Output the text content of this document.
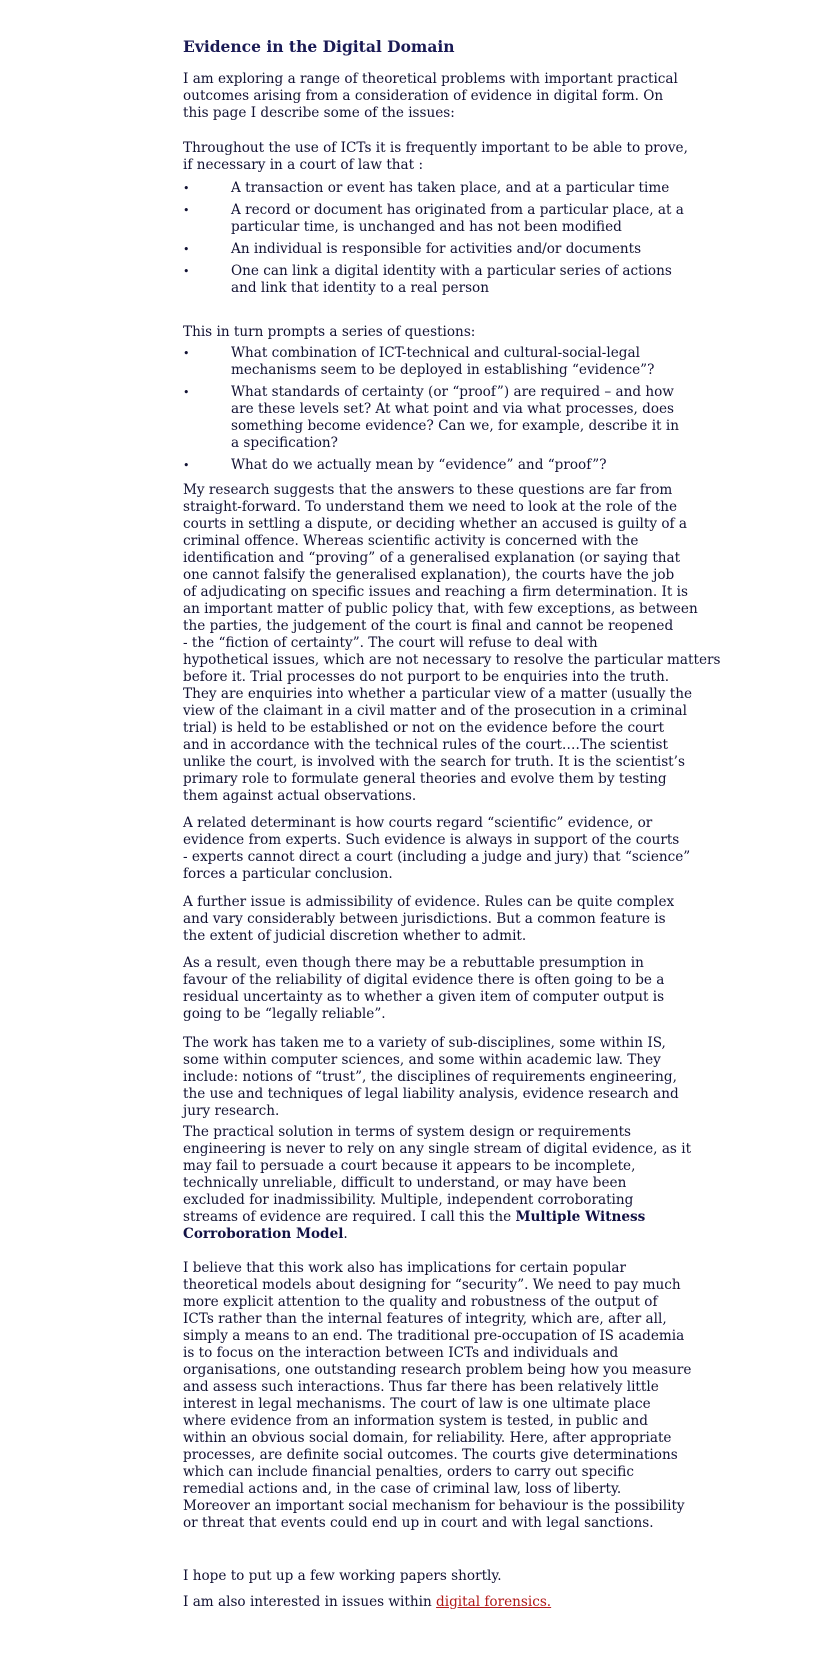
Evidence in the Digital Domain

I am exploring a range of theoretical problems with important practical

outcomes arising from a consideration of evidence in digital form. On

this page I describe some of the issues:

Throughout the use of ICTs it is frequently important to be able to prove,

if necessary in a court of law that :

•	A transaction or event has taken place, and at a particular time
•	A record or document has originated from a particular place, at a
particular time, is unchanged and has not been modified
•	An individual is responsible for activities and/or documents
•	One can link a digital identity with a particular series of actions
and link that identity to a real person

This in turn prompts a series of questions:

•	What combination of ICT-technical and cultural-social-legal
mechanisms seem to be deployed in establishing “evidence”?
•	What standards of certainty (or “proof”) are required – and how
are these levels set? At what point and via what processes, does
something become evidence? Can we, for example, describe it in
a specification?
•	What do we actually mean by “evidence” and “proof”?

My research suggests that the answers to these questions are far from

straight-forward. To understand them we need to look at the role of the

courts in settling a dispute, or deciding whether an accused is guilty of a

criminal offence. Whereas scientific activity is concerned with the

identification and “proving” of a generalised explanation (or saying that

one cannot falsify the generalised explanation), the courts have the job

of adjudicating on specific issues and reaching a firm determination. It is

an important matter of public policy that, with few exceptions, as between

the parties, the judgement of the court is final and cannot be reopened

- the “fiction of certainty”. The court will refuse to deal with

hypothetical issues, which are not necessary to resolve the particular matters

before it. Trial processes do not purport to be enquiries into the truth.

They are enquiries into whether a particular view of a matter (usually the

view of the claimant in a civil matter and of the prosecution in a criminal

trial) is held to be established or not on the evidence before the court

and in accordance with the technical rules of the court….The scientist

unlike the court, is involved with the search for truth. It is the scientist’s

primary role to formulate general theories and evolve them by testing

them against actual observations.

A related determinant is how courts regard “scientific” evidence, or

evidence from experts. Such evidence is always in support of the courts

- experts cannot direct a court (including a judge and jury) that “science”

forces a particular conclusion.

A further issue is admissibility of evidence. Rules can be quite complex

and vary considerably between jurisdictions. But a common feature is

the extent of judicial discretion whether to admit.

As a result, even though there may be a rebuttable presumption in

favour of the reliability of digital evidence there is often going to be a

residual uncertainty as to whether a given item of computer output is

going to be “legally reliable”.

The work has taken me to a variety of sub-disciplines, some within IS,

some within computer sciences, and some within academic law. They

include: notions of “trust”, the disciplines of requirements engineering,

the use and techniques of legal liability analysis, evidence research and

jury research.

The practical solution in terms of system design or requirements

engineering is never to rely on any single stream of digital evidence, as it

may fail to persuade a court because it appears to be incomplete,

technically unreliable, difficult to understand, or may have been

excluded for inadmissibility. Multiple, independent corroborating

streams of evidence are required. I call this the Multiple Witness

Corroboration Model.

I believe that this work also has implications for certain popular

theoretical models about designing for “security”. We need to pay much

more explicit attention to the quality and robustness of the output of

ICTs rather than the internal features of integrity, which are, after all,

simply a means to an end. The traditional pre-occupation of IS academia

is to focus on the interaction between ICTs and individuals and

organisations, one outstanding research problem being how you measure

and assess such interactions. Thus far there has been relatively little

interest in legal mechanisms. The court of law is one ultimate place

where evidence from an information system is tested, in public and

within an obvious social domain, for reliability. Here, after appropriate

processes, are definite social outcomes. The courts give determinations

which can include financial penalties, orders to carry out specific

remedial actions and, in the case of criminal law, loss of liberty.

Moreover an important social mechanism for behaviour is the possibility

or threat that events could end up in court and with legal sanctions.

I hope to put up a few working papers shortly.

I am also interested in issues within digital forensics.
